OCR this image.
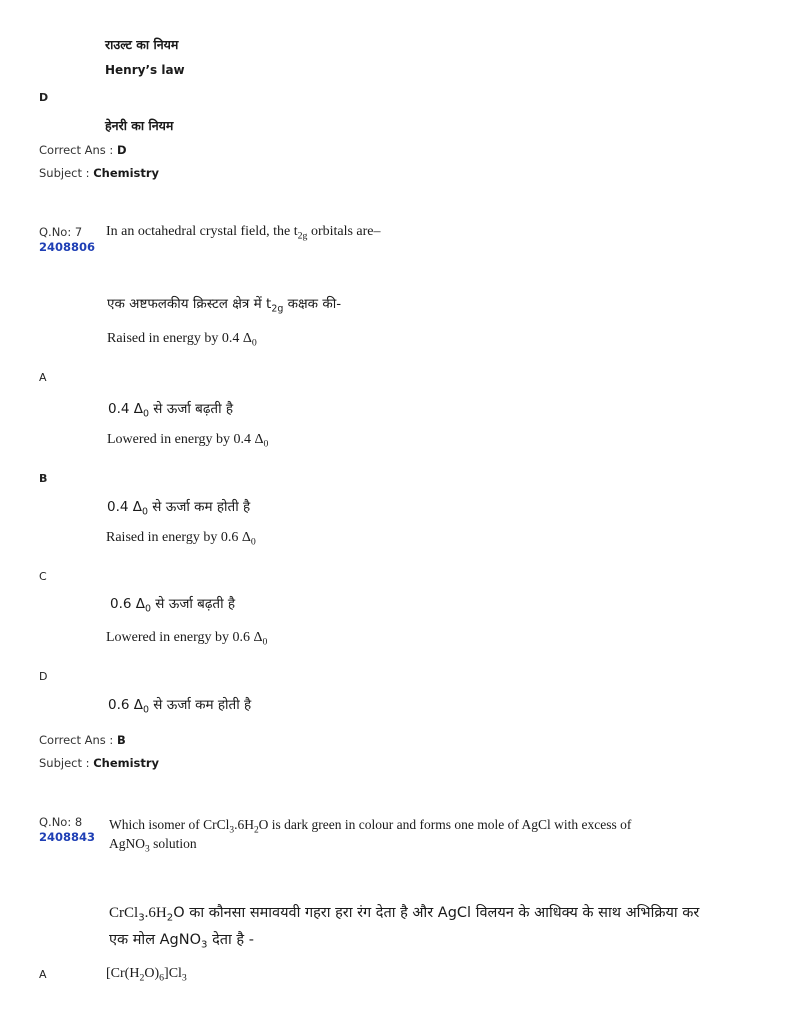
राउल्ट का नियम
Henry’s law
D
हेनरी का नियम
Correct Ans : D
Subject : Chemistry
Q.No: 7
2408806
In an octahedral crystal field, the $t_{2g}$ orbitals are–
एक अष्टफलकीय क्रिस्टल क्षेत्र में $t_{2g}$ कक्षक की-
Raised in energy by 0.4 $\Delta_0$
A
0.4 $\Delta_0$ से ऊर्जा बढ़ती है
Lowered in energy by 0.4 $\Delta_0$
B
0.4 $\Delta_0$ से ऊर्जा कम होती है
Raised in energy by 0.6 $\Delta_0$
C
0.6 $\Delta_0$ से ऊर्जा बढ़ती है
Lowered in energy by 0.6 $\Delta_0$
D
0.6 $\Delta_0$ से ऊर्जा कम होती है
Correct Ans : B
Subject : Chemistry
Q.No: 8
2408843
Which isomer of $CrCl_3.6H_2O$ is dark green in colour and forms one mole of AgCl with excess of
AgNO$_3$ solution
$CrCl_3.6H_2O$ का कौनसा समावयवी गहरा हरा रंग देता है और AgCl विलयन के आधिक्य के साथ अभिक्रिया कर
एक मोल AgNO$_3$ देता है -
A	$[Cr(H_2O)_6]Cl_3$
